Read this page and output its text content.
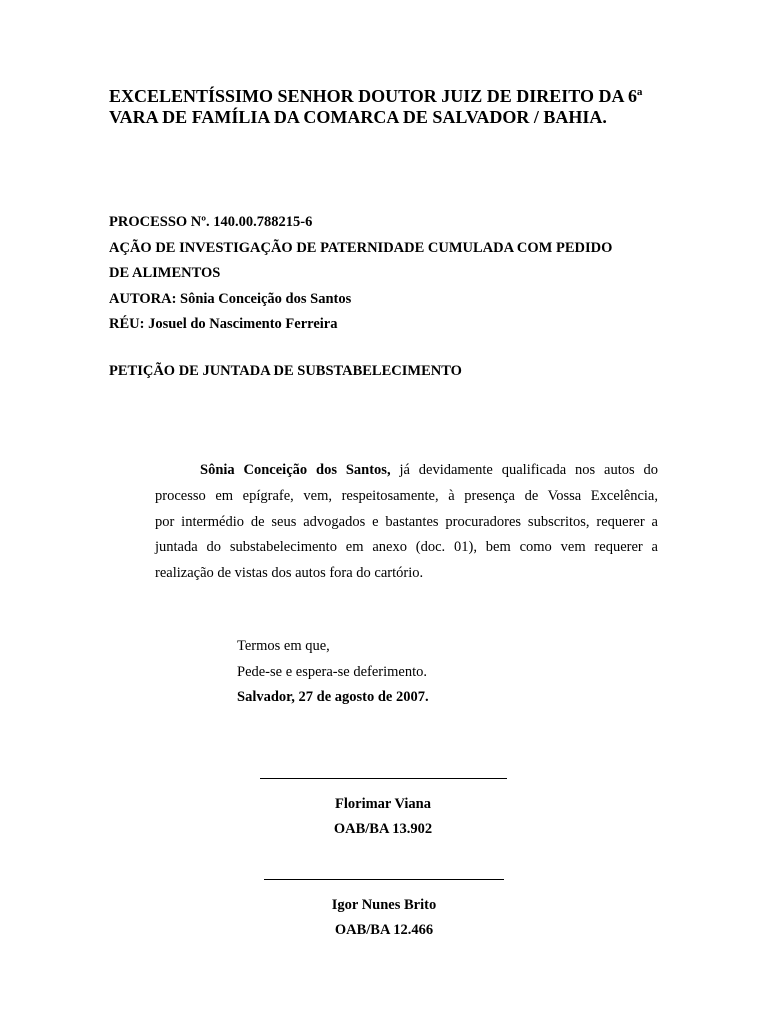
EXCELENTÍSSIMO SENHOR DOUTOR JUIZ DE DIREITO DA 6ª
VARA DE FAMÍLIA DA COMARCA DE SALVADOR / BAHIA.
PROCESSO Nº. 140.00.788215-6
AÇÃO DE INVESTIGAÇÃO DE PATERNIDADE CUMULADA COM PEDIDO
DE ALIMENTOS
AUTORA: Sônia Conceição dos Santos
RÉU: Josuel do Nascimento Ferreira
PETIÇÃO DE JUNTADA DE SUBSTABELECIMENTO
Sônia Conceição dos Santos, já devidamente qualificada nos autos do
processo em epígrafe, vem, respeitosamente, à presença de Vossa Excelência,
por intermédio de seus advogados e bastantes procuradores subscritos, requerer a
juntada do substabelecimento em anexo (doc. 01), bem como vem requerer a
realização de vistas dos autos fora do cartório.
Termos em que,
Pede-se e espera-se deferimento.
Salvador, 27 de agosto de 2007.
Florimar Viana
OAB/BA 13.902
Igor Nunes Brito
OAB/BA 12.466
